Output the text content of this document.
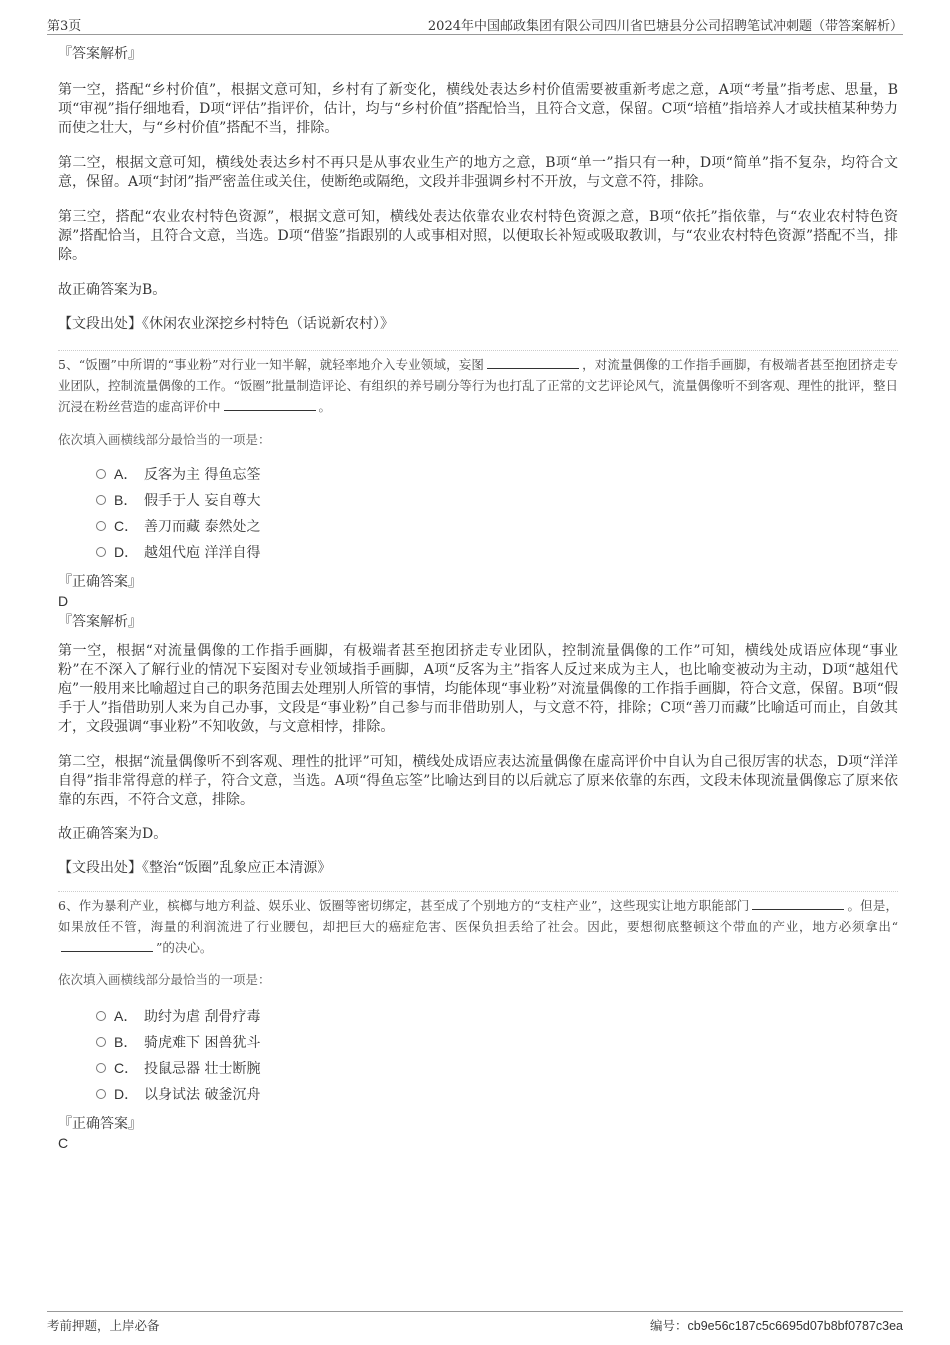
第3页	2024年中国邮政集团有限公司四川省巴塘县分公司招聘笔试冲刺题（带答案解析）

『答案解析』

第一空，搭配“乡村价值”，根据文意可知，乡村有了新变化，横线处表达乡村价值需要被重新考虑之意，A项“考量”指考虑、思量，B项“审视”指仔细地看，D项“评估”指评价，估计，均与“乡村价值”搭配恰当，且符合文意，保留。C项“培植”指培养人才或扶植某种势力而使之壮大，与“乡村价值”搭配不当，排除。

第二空，根据文意可知，横线处表达乡村不再只是从事农业生产的地方之意，B项“单一”指只有一种，D项“简单”指不复杂，均符合文意，保留。A项“封闭”指严密盖住或关住，使断绝或隔绝，文段并非强调乡村不开放，与文意不符，排除。

第三空，搭配“农业农村特色资源”，根据文意可知，横线处表达依靠农业农村特色资源之意，B项“依托”指依靠，与“农业农村特色资源”搭配恰当，且符合文意，当选。D项“借鉴”指跟别的人或事相对照，以便取长补短或吸取教训，与“农业农村特色资源”搭配不当，排除。

故正确答案为B。

【文段出处】《休闲农业深挖乡村特色（话说新农村）》

5、“饭圈”中所谓的“事业粉”对行业一知半解，就轻率地介入专业领域，妄图	，对流量偶像的工作指手画脚，有极端者甚至抱团挤走专业团队，控制流量偶像的工作。“饭圈”批量制造评论、有组织的养号刷分等行为也打乱了正常的文艺评论风气，流量偶像听不到客观、理性的批评，整日沉浸在粉丝营造的虚高评价中	。

依次填入画横线部分最恰当的一项是：

A． 反客为主 得鱼忘筌
B． 假手于人 妄自尊大
C． 善刀而藏 泰然处之
D． 越俎代庖 洋洋自得

『正确答案』

D

『答案解析』

第一空，根据“对流量偶像的工作指手画脚，有极端者甚至抱团挤走专业团队，控制流量偶像的工作”可知，横线处成语应体现“事业粉”在不深入了解行业的情况下妄图对专业领域指手画脚，A项“反客为主”指客人反过来成为主人，也比喻变被动为主动，D项“越俎代庖”一般用来比喻超过自己的职务范围去处理别人所管的事情，均能体现“事业粉”对流量偶像的工作指手画脚，符合文意，保留。B项“假手于人”指借助别人来为自己办事，文段是“事业粉”自己参与而非借助别人，与文意不符，排除；C项“善刀而藏”比喻适可而止，自敛其才，文段强调“事业粉”不知收敛，与文意相悖，排除。

第二空，根据“流量偶像听不到客观、理性的批评”可知，横线处成语应表达流量偶像在虚高评价中自认为自己很厉害的状态，D项“洋洋自得”指非常得意的样子，符合文意，当选。A项“得鱼忘筌”比喻达到目的以后就忘了原来依靠的东西，文段未体现流量偶像忘了原来依靠的东西，不符合文意，排除。

故正确答案为D。

【文段出处】《整治“饭圈”乱象应正本清源》

6、作为暴利产业，槟榔与地方利益、娱乐业、饭圈等密切绑定，甚至成了个别地方的“支柱产业”，这些现实让地方职能部门	。但是，如果放任不管，海量的利润流进了行业腰包，却把巨大的癌症危害、医保负担丢给了社会。因此，要想彻底整顿这个带血的产业，地方必须拿出“”的决心。

依次填入画横线部分最恰当的一项是：

A． 助纣为虐 刮骨疗毒
B． 骑虎难下 困兽犹斗
C． 投鼠忌器 壮士断腕
D． 以身试法 破釜沉舟

『正确答案』

C

考前押题，上岸必备	编号：cb9e56c187c5c6695d07b8bf0787c3ea
